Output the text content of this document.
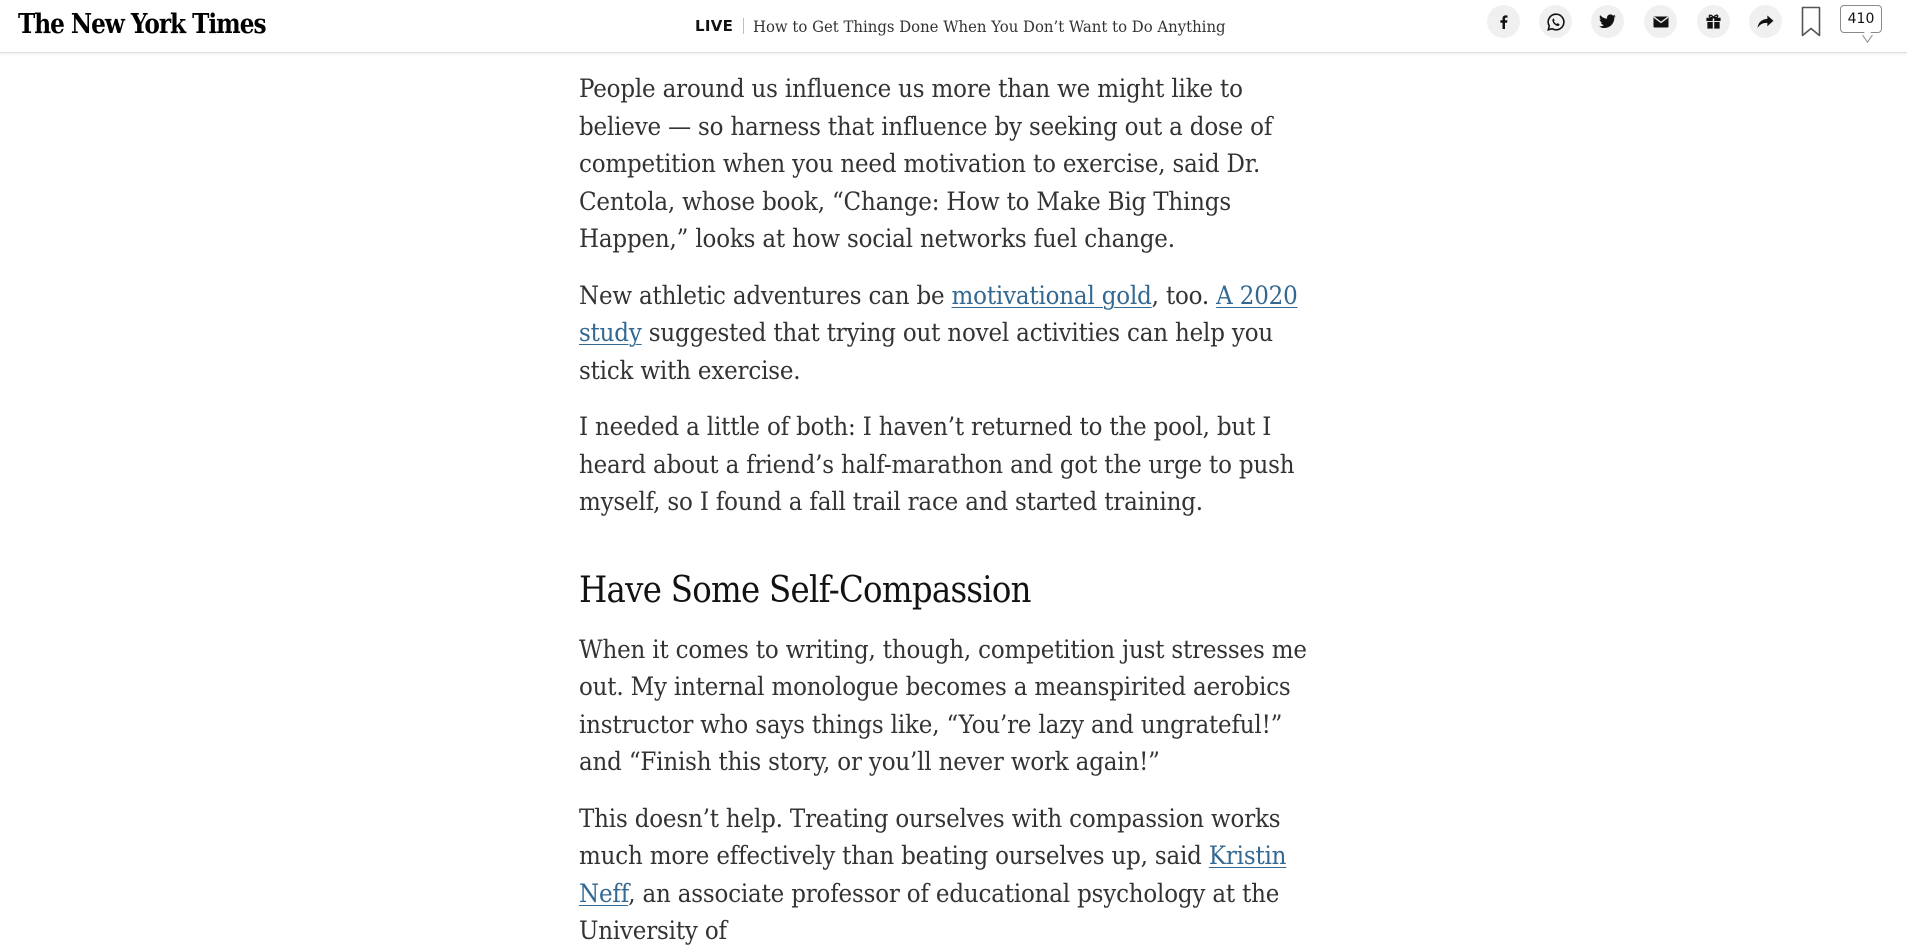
The New York Times	LIVE How to Get Things Done When You Don’t Want to Do Anything	410

People around us influence us more than we might like to believe — so harness that influence by seeking out a dose of competition when you need motivation to exercise, said Dr. Centola, whose book, “Change: How to Make Big Things Happen,” looks at how social networks fuel change.

New athletic adventures can be motivational gold, too. A 2020 study suggested that trying out novel activities can help you stick with exercise.

I needed a little of both: I haven’t returned to the pool, but I heard about a friend’s half-marathon and got the urge to push myself, so I found a fall trail race and started training.

Have Some Self-Compassion

When it comes to writing, though, competition just stresses me out. My internal monologue becomes a meanspirited aerobics instructor who says things like, “You’re lazy and ungrateful!” and “Finish this story, or you’ll never work again!”

This doesn’t help. Treating ourselves with compassion works much more effectively than beating ourselves up, said Kristin Neff, an associate professor of educational psychology at the University of
